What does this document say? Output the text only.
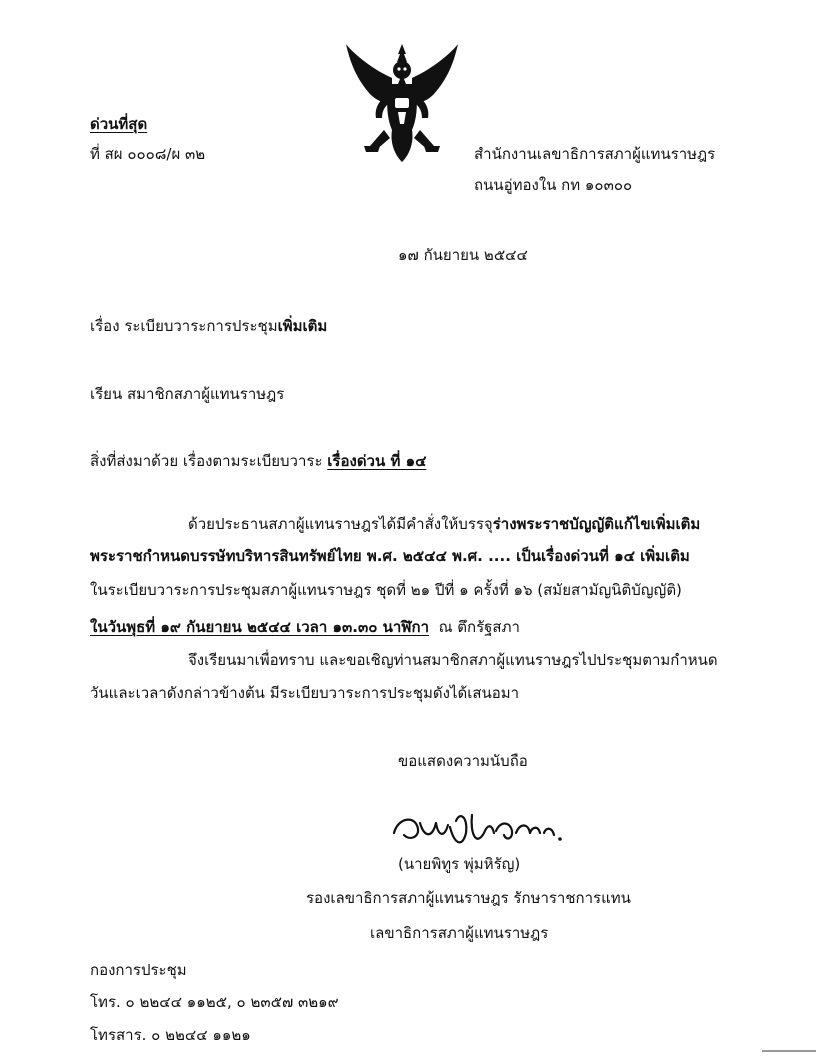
ด่วนที่สุด
ที่ สผ ๐๐๐๘/ผ ๓๒	สำนักงานเลขาธิการสภาผู้แทนราษฎร
ถนนอู่ทองใน กท ๑๐๓๐๐
๑๗ กันยายน ๒๕๔๔
เรื่อง ระเบียบวาระการประชุมเพิ่มเติม
เรียน สมาชิกสภาผู้แทนราษฎร
สิ่งที่ส่งมาด้วย เรื่องตามระเบียบวาระ เรื่องด่วน ที่ ๑๔
ด้วยประธานสภาผู้แทนราษฎรได้มีคำสั่งให้บรรจุร่างพระราชบัญญัติแก้ไขเพิ่มเติม
พระราชกำหนดบรรษัทบริหารสินทรัพย์ไทย พ.ศ. ๒๕๔๔ พ.ศ. .... เป็นเรื่องด่วนที่ ๑๔ เพิ่มเติม
ในระเบียบวาระการประชุมสภาผู้แทนราษฎร ชุดที่ ๒๑ ปีที่ ๑ ครั้งที่ ๑๖ (สมัยสามัญนิติบัญญัติ)
ในวันพุธที่ ๑๙ กันยายน ๒๕๔๔ เวลา ๑๓.๓๐ นาฬิกา ณ ตึกรัฐสภา
จึงเรียนมาเพื่อทราบ และขอเชิญท่านสมาชิกสภาผู้แทนราษฎรไปประชุมตามกำหนด
วันและเวลาดังกล่าวข้างต้น มีระเบียบวาระการประชุมดังได้เสนอมา
ขอแสดงความนับถือ
(นายพิทูร พุ่มหิรัญ)
รองเลขาธิการสภาผู้แทนราษฎร รักษาราชการแทน
เลขาธิการสภาผู้แทนราษฎร
กองการประชุม
โทร. ๐ ๒๒๔๔ ๑๑๒๕, ๐ ๒๓๕๗ ๓๒๑๙
โทรสาร. ๐ ๒๒๔๔ ๑๑๒๑
